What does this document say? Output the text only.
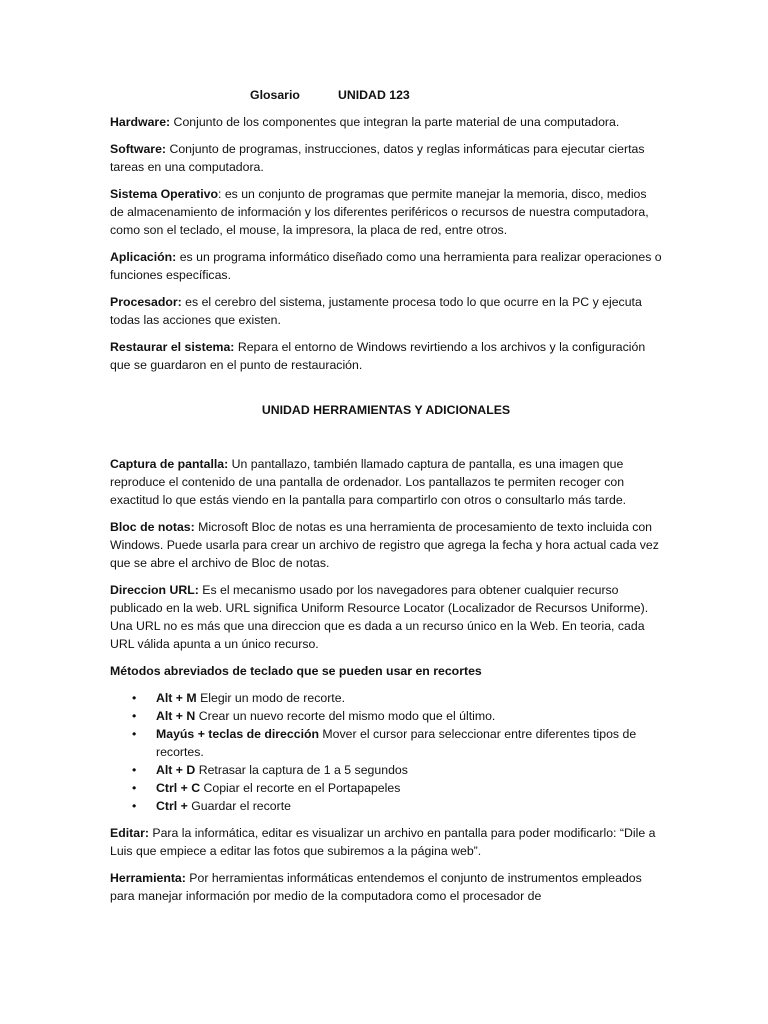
Glosario	UNIDAD 123

Hardware: Conjunto de los componentes que integran la parte material de una computadora.

Software: Conjunto de programas, instrucciones, datos y reglas informáticas para ejecutar ciertas tareas en una computadora.

Sistema Operativo: es un conjunto de programas que permite manejar la memoria, disco, medios de almacenamiento de información y los diferentes periféricos o recursos de nuestra computadora, como son el teclado, el mouse, la impresora, la placa de red, entre otros.

Aplicación: es un programa informático diseñado como una herramienta para realizar operaciones o funciones específicas.

Procesador: es el cerebro del sistema, justamente procesa todo lo que ocurre en la PC y ejecuta todas las acciones que existen.

Restaurar el sistema: Repara el entorno de Windows revirtiendo a los archivos y la configuración que se guardaron en el punto de restauración.

UNIDAD HERRAMIENTAS Y ADICIONALES

Captura de pantalla: Un pantallazo, también llamado captura de pantalla, es una imagen que reproduce el contenido de una pantalla de ordenador. Los pantallazos te permiten recoger con exactitud lo que estás viendo en la pantalla para compartirlo con otros o consultarlo más tarde.

Bloc de notas: Microsoft Bloc de notas es una herramienta de procesamiento de texto incluida con Windows. Puede usarla para crear un archivo de registro que agrega la fecha y hora actual cada vez que se abre el archivo de Bloc de notas.

Direccion URL: Es el mecanismo usado por los navegadores para obtener cualquier recurso publicado en la web. URL significa Uniform Resource Locator (Localizador de Recursos Uniforme). Una URL no es más que una direccion que es dada a un recurso único en la Web. En teoria, cada URL válida apunta a un único recurso.

Métodos abreviados de teclado que se pueden usar en recortes

• Alt + M Elegir un modo de recorte.
• Alt + N Crear un nuevo recorte del mismo modo que el último.
• Mayús + teclas de dirección Mover el cursor para seleccionar entre diferentes tipos de recortes.
• Alt + D Retrasar la captura de 1 a 5 segundos
• Ctrl + C Copiar el recorte en el Portapapeles
• Ctrl + Guardar el recorte

Editar: Para la informática, editar es visualizar un archivo en pantalla para poder modificarlo: “Dile a Luis que empiece a editar las fotos que subiremos a la página web”.

Herramienta: Por herramientas informáticas entendemos el conjunto de instrumentos empleados para manejar información por medio de la computadora como el procesador de
